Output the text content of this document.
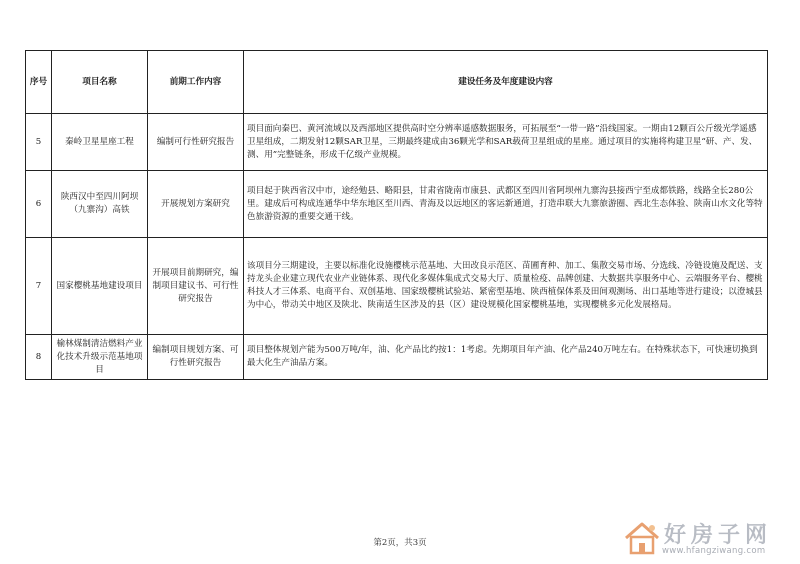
序号	项目名称	前期工作内容	建设任务及年度建设内容
5	秦岭卫星星座工程	编制可行性研究报告	项目面向秦巴、黄河流域以及西部地区提供高时空分辨率遥感数据服务，可拓展至“一带一路”沿线国家。一期由12颗百公斤级光学遥感卫星组成，二期发射12颗SAR卫星，三期最终建成由36颗光学和SAR载荷卫星组成的星座。通过项目的实施将构建卫星“研、产、发、测、用”完整链条，形成千亿级产业规模。
6	陕西汉中至四川阿坝（九寨沟）高铁	开展规划方案研究	项目起于陕西省汉中市，途经勉县、略阳县，甘肃省陇南市康县、武都区至四川省阿坝州九寨沟县接西宁至成都铁路，线路全长280公里。建成后可构成连通华中华东地区至川西、青海及以远地区的客运新通道，打造串联大九寨旅游圈、西北生态体验、陕南山水文化等特色旅游资源的重要交通干线。
7	国家樱桃基地建设项目	开展项目前期研究，编制项目建议书、可行性研究报告	该项目分三期建设，主要以标准化设施樱桃示范基地、大田改良示范区、苗圃育种、加工、集散交易市场、分选线、冷链设施及配送、支持龙头企业建立现代农业产业链体系、现代化多媒体集成式交易大厅、质量检疫、品牌创建、大数据共享服务中心、云端服务平台、樱桃科技人才三体系、电商平台、双创基地、国家级樱桃试验站、紧密型基地、陕西植保体系及田间观测场、出口基地等进行建设；以澄城县为中心，带动关中地区及陕北、陕南适生区涉及的县（区）建设规模化国家樱桃基地，实现樱桃多元化发展格局。
8	榆林煤制清洁燃料产业化技术升级示范基地项目	编制项目规划方案、可行性研究报告	项目整体规划产能为500万吨/年，油、化产品比约按1：1考虑。先期项目年产油、化产品240万吨左右。在特殊状态下，可快速切换到最大化生产油品方案。
第2页，共3页	好房子网
www.hfangziwang.com
